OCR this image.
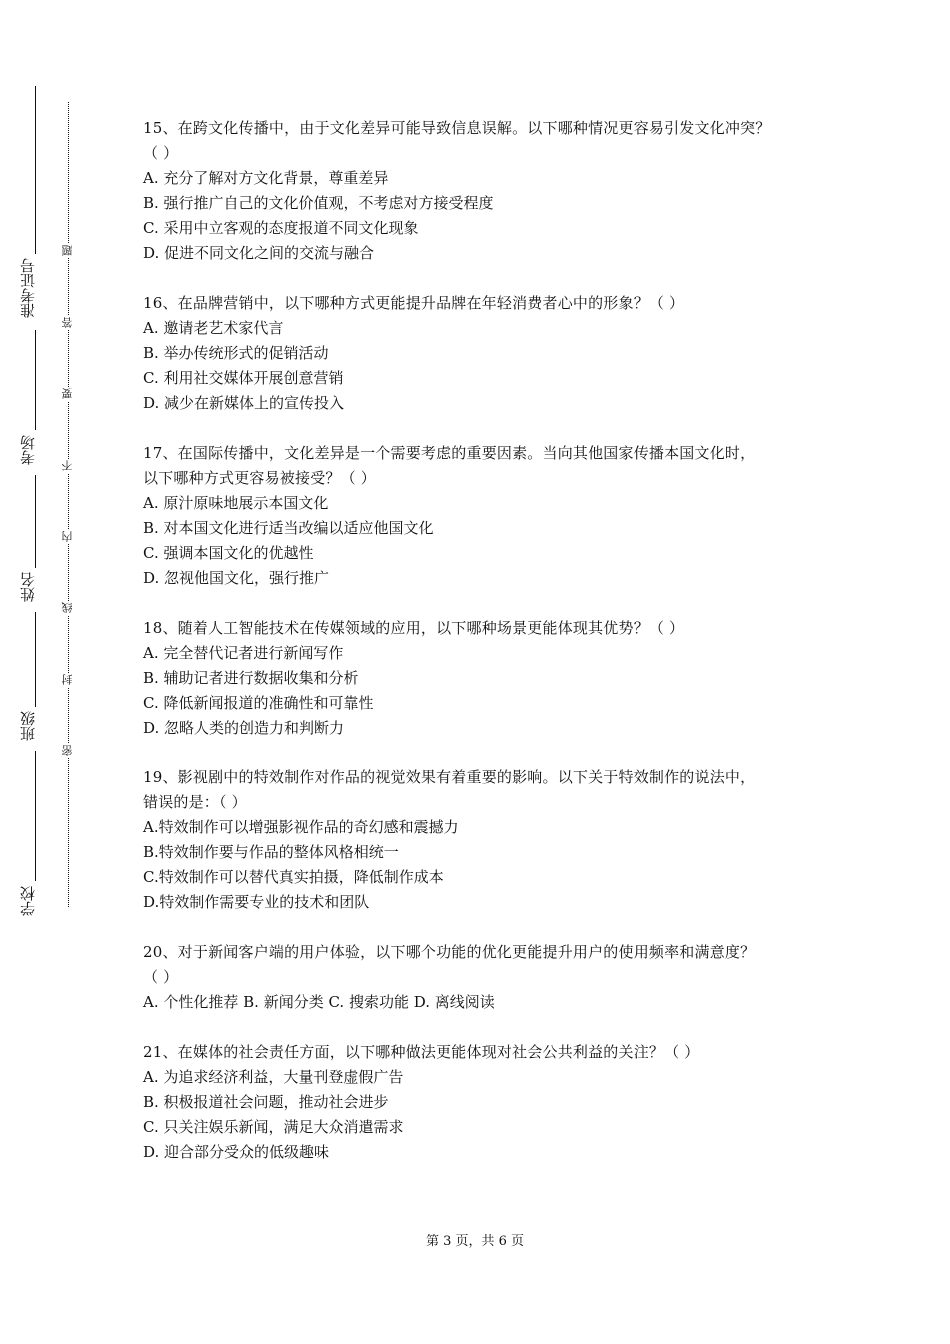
准考证号
考场
姓名
班级
学校
题
答
要
不
内
线
封
密
15、在跨文化传播中，由于文化差异可能导致信息误解。以下哪种情况更容易引发文化冲突？
（ ）
A. 充分了解对方文化背景，尊重差异
B. 强行推广自己的文化价值观，不考虑对方接受程度
C. 采用中立客观的态度报道不同文化现象
D. 促进不同文化之间的交流与融合
16、在品牌营销中，以下哪种方式更能提升品牌在年轻消费者心中的形象？（ ）
A. 邀请老艺术家代言
B. 举办传统形式的促销活动
C. 利用社交媒体开展创意营销
D. 减少在新媒体上的宣传投入
17、在国际传播中，文化差异是一个需要考虑的重要因素。当向其他国家传播本国文化时，
以下哪种方式更容易被接受？（ ）
A. 原汁原味地展示本国文化
B. 对本国文化进行适当改编以适应他国文化
C. 强调本国文化的优越性
D. 忽视他国文化，强行推广
18、随着人工智能技术在传媒领域的应用，以下哪种场景更能体现其优势？（ ）
A. 完全替代记者进行新闻写作
B. 辅助记者进行数据收集和分析
C. 降低新闻报道的准确性和可靠性
D. 忽略人类的创造力和判断力
19、影视剧中的特效制作对作品的视觉效果有着重要的影响。以下关于特效制作的说法中，
错误的是：（ ）
A.特效制作可以增强影视作品的奇幻感和震撼力
B.特效制作要与作品的整体风格相统一
C.特效制作可以替代真实拍摄，降低制作成本
D.特效制作需要专业的技术和团队
20、对于新闻客户端的用户体验，以下哪个功能的优化更能提升用户的使用频率和满意度？
（ ）
A. 个性化推荐 B. 新闻分类 C. 搜索功能 D. 离线阅读
21、在媒体的社会责任方面，以下哪种做法更能体现对社会公共利益的关注？（ ）
A. 为追求经济利益，大量刊登虚假广告
B. 积极报道社会问题，推动社会进步
C. 只关注娱乐新闻，满足大众消遣需求
D. 迎合部分受众的低级趣味
第 3 页，共 6 页
